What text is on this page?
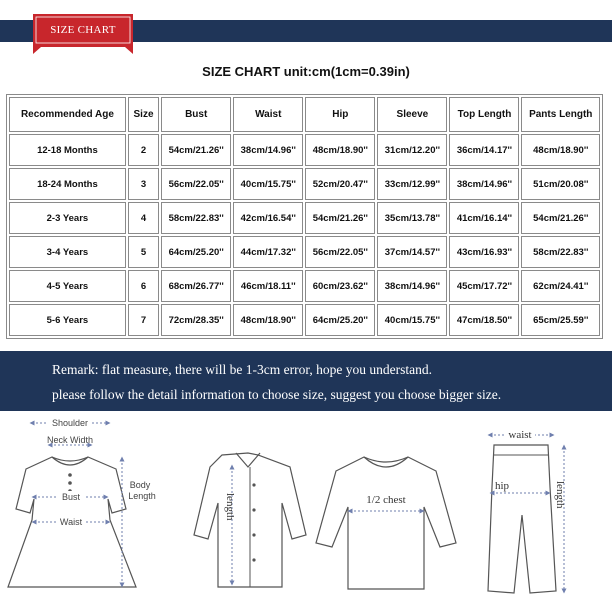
SIZE CHART
SIZE CHART unit:cm(1cm=0.39in)
Recommended Age	Size	Bust	Waist	Hip	Sleeve	Top Length	Pants Length
12-18 Months	2	54cm/21.26''	38cm/14.96''	48cm/18.90''	31cm/12.20''	36cm/14.17''	48cm/18.90''
18-24 Months	3	56cm/22.05''	40cm/15.75''	52cm/20.47''	33cm/12.99''	38cm/14.96''	51cm/20.08''
2-3 Years	4	58cm/22.83''	42cm/16.54''	54cm/21.26''	35cm/13.78''	41cm/16.14''	54cm/21.26''
3-4 Years	5	64cm/25.20''	44cm/17.32''	56cm/22.05''	37cm/14.57''	43cm/16.93''	58cm/22.83''
4-5 Years	6	68cm/26.77''	46cm/18.11''	60cm/23.62''	38cm/14.96''	45cm/17.72''	62cm/24.41''
5-6 Years	7	72cm/28.35''	48cm/18.90''	64cm/25.20''	40cm/15.75''	47cm/18.50''	65cm/25.59''
Remark: flat measure, there will be 1-3cm error, hope you understand.
please follow the detail information to choose size, suggest you choose bigger size.
Shoulder
Neck Width
Bust
Waist
Body
Length	length	1/2 chest
waist
hip	length
